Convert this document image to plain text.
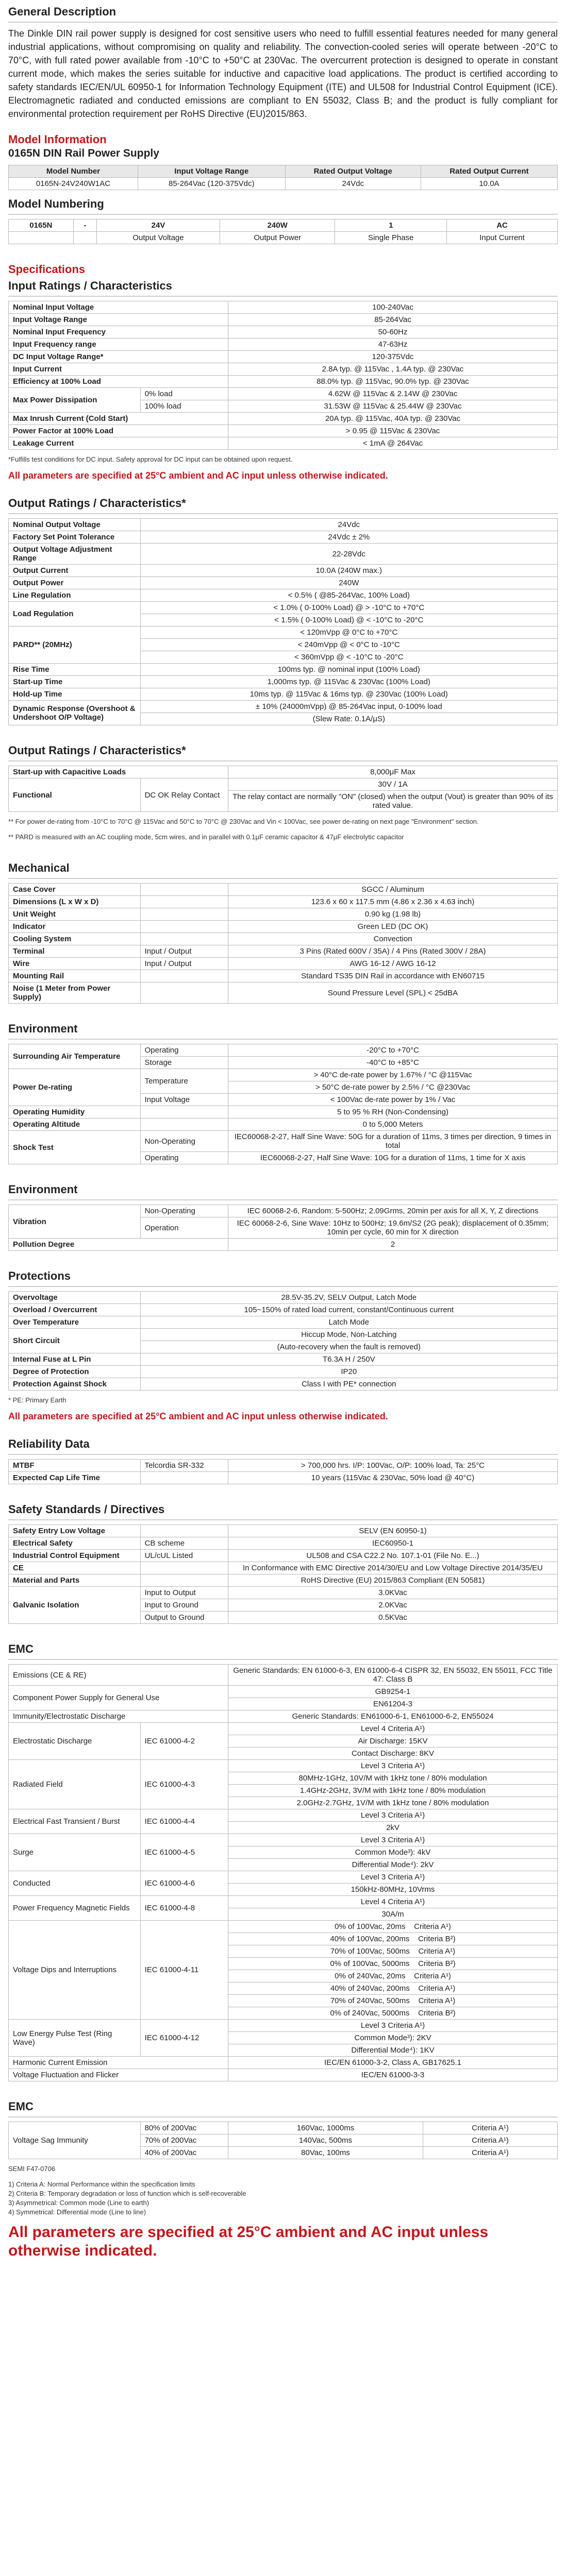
General Description

The Dinkle DIN rail power supply is designed for cost sensitive users who need to fulfill essential features needed for many general industrial applications, without compromising on quality and reliability. The convection-cooled series will operate between -20°C to 70°C, with full rated power available from -10°C to +50°C at 230Vac. The overcurrent protection is designed to operate in constant current mode, which makes the series suitable for inductive and capacitive load applications. The product is certified according to safety standards IEC/EN/UL 60950-1 for Information Technology Equipment (ITE) and UL508 for Industrial Control Equipment (ICE). Electromagnetic radiated and conducted emissions are compliant to EN 55032, Class B; and the product is fully compliant for environmental protection requirement per RoHS Directive (EU)2015/863.

Model Information
0165N DIN Rail Power Supply
Model Number	Input Voltage Range	Rated Output Voltage	Rated Output Current
0165N-24V240W1AC	85-264Vac (120-375Vdc)	24Vdc	10.0A
Model Numbering
0165N	-	24V	240W	1	AC
		Output Voltage	Output Power	Single Phase	Input Current
Specifications
Input Ratings / Characteristics
Nominal Input Voltage		100-240Vac
Input Voltage Range		85-264Vac
Nominal Input Frequency		50-60Hz
Input Frequency range		47-63Hz
DC Input Voltage Range*		120-375Vdc
Input Current		2.8A typ. @ 115Vac , 1.4A typ. @ 230Vac
Efficiency at 100% Load		88.0% typ. @ 115Vac, 90.0% typ. @ 230Vac
Max Power Dissipation	0% load	4.62W @ 115Vac & 2.14W @ 230Vac
	100% load	31.53W @ 115Vac & 25.44W @ 230Vac
Max Inrush Current (Cold Start)		20A typ. @ 115Vac, 40A typ. @ 230Vac
Power Factor at 100% Load		> 0.95 @ 115Vac & 230Vac
Leakage Current		< 1mA @ 264Vac
*Fulfills test conditions for DC input. Safety approval for DC input can be obtained upon request.
All parameters are specified at 25°C ambient and AC input unless otherwise indicated.
Output Ratings / Characteristics*
Nominal Output Voltage	24Vdc
Factory Set Point Tolerance	24Vdc ± 2%
Output Voltage Adjustment Range	22-28Vdc
Output Current	10.0A (240W max.)
Output Power	240W
Line Regulation	< 0.5% ( @85-264Vac, 100% Load)
Load Regulation	< 1.0% ( 0-100% Load) @ > -10°C to +70°C
	< 1.5% ( 0-100% Load) @ < -10°C to -20°C
PARD** (20MHz)	< 120mVpp @ 0°C to +70°C
	< 240mVpp @ < 0°C to -10°C
	< 360mVpp @ < -10°C to -20°C
Rise Time	100ms typ. @ nominal input (100% Load)
Start-up Time	1,000ms typ. @ 115Vac & 230Vac (100% Load)
Hold-up Time	10ms typ. @ 115Vac & 16ms typ. @ 230Vac (100% Load)
Dynamic Response (Overshoot & Undershoot O/P Voltage)	± 10% (24000mVpp) @ 85-264Vac input, 0-100% load
	(Slew Rate: 0.1A/μS)
Output Ratings / Characteristics*
Start-up with Capacitive Loads		8,000μF Max
Functional	DC OK Relay Contact	30V / 1A
		The relay contact are normally "ON" (closed) when the output (Vout) is greater than 90% of its rated value.
** For power de-rating from -10°C to 70°C @ 115Vac and 50°C to 70°C @ 230Vac and Vin < 100Vac, see power de-rating on next page "Environment" section.
** PARD is measured with an AC coupling mode, 5cm wires, and in parallel with 0.1μF ceramic capacitor & 47μF electrolytic capacitor
Mechanical
Case Cover		SGCC / Aluminum
Dimensions (L x W x D)		123.6 x 60 x 117.5 mm (4.86 x 2.36 x 4.63 inch)
Unit Weight		0.90 kg (1.98 lb)
Indicator		Green LED (DC OK)
Cooling System		Convection
Terminal	Input / Output	3 Pins (Rated 600V / 35A) / 4 Pins (Rated 300V / 28A)
Wire	Input / Output	AWG 16-12 / AWG 16-12
Mounting Rail		Standard TS35 DIN Rail in accordance with EN60715
Noise (1 Meter from Power Supply)		Sound Pressure Level (SPL) < 25dBA
Environment
Surrounding Air Temperature	Operating	-20°C to +70°C
	Storage	-40°C to +85°C
Power De-rating	Temperature	> 40°C de-rate power by 1.67% / °C @115Vac
		> 50°C de-rate power by 2.5% / °C @230Vac
	Input Voltage	< 100Vac de-rate power by 1% / Vac
Operating Humidity		5 to 95 % RH (Non-Condensing)
Operating Altitude		0 to 5,000 Meters
Shock Test	Non-Operating	IEC60068-2-27, Half Sine Wave: 50G for a duration of 11ms, 3 times per direction, 9 times in total
	Operating	IEC60068-2-27, Half Sine Wave: 10G for a duration of 11ms, 1 time for X axis
Environment
Vibration	Non-Operating	IEC 60068-2-6, Random: 5-500Hz; 2.09Grms, 20min per axis for all X, Y, Z directions
	Operation	IEC 60068-2-6, Sine Wave: 10Hz to 500Hz; 19.6m/S2 (2G peak); displacement of 0.35mm; 10min per cycle, 60 min for X direction
Pollution Degree		2
Protections
Overvoltage	28.5V-35.2V, SELV Output, Latch Mode
Overload / Overcurrent	105~150% of rated load current, constant/Continuous current
Over Temperature	Latch Mode
Short Circuit	Hiccup Mode, Non-Latching
	(Auto-recovery when the fault is removed)
Internal Fuse at L Pin	T6.3A H / 250V
Degree of Protection	IP20
Protection Against Shock	Class I with PE* connection
* PE: Primary Earth
All parameters are specified at 25°C ambient and AC input unless otherwise indicated.
Reliability Data
MTBF	Telcordia SR-332	> 700,000 hrs. I/P: 100Vac, O/P: 100% load, Ta: 25°C
Expected Cap Life Time		10 years (115Vac & 230Vac, 50% load @ 40°C)
Safety Standards / Directives
Safety Entry Low Voltage		SELV (EN 60950-1)
Electrical Safety	CB scheme	IEC60950-1
Industrial Control Equipment	UL/cUL Listed	UL508 and CSA C22.2 No. 107.1-01 (File No. E...)
CE		In Conformance with EMC Directive 2014/30/EU and Low Voltage Directive 2014/35/EU
Material and Parts		RoHS Directive (EU) 2015/863 Compliant (EN 50581)
Galvanic Isolation	Input to Output	3.0KVac
	Input to Ground	2.0KVac
	Output to Ground	0.5KVac
EMC
Emissions (CE & RE)		Generic Standards: EN 61000-6-3, EN 61000-6-4 CISPR 32, EN 55032, EN 55011, FCC Title 47: Class B
Component Power Supply for General Use		GB9254-1
		EN61204-3
Immunity/Electrostatic Discharge		Generic Standards: EN61000-6-1, EN61000-6-2, EN55024
Electrostatic Discharge	IEC 61000-4-2	Level 4 Criteria A¹)
		Air Discharge: 15KV
		Contact Discharge: 8KV
Radiated Field	IEC 61000-4-3	Level 3 Criteria A¹)
		80MHz-1GHz, 10V/M with 1kHz tone / 80% modulation
		1.4GHz-2GHz, 3V/M with 1kHz tone / 80% modulation
		2.0GHz-2.7GHz, 1V/M with 1kHz tone / 80% modulation
Electrical Fast Transient / Burst	IEC 61000-4-4	Level 3 Criteria A¹)
		2kV
Surge	IEC 61000-4-5	Level 3 Criteria A¹)
		Common Mode³): 4kV
		Differential Mode⁴): 2kV
Conducted	IEC 61000-4-6	Level 3 Criteria A¹)
		150kHz-80MHz, 10Vrms
Power Frequency Magnetic Fields	IEC 61000-4-8	Level 4 Criteria A¹)
		30A/m
Voltage Dips and Interruptions	IEC 61000-4-11	0% of 100Vac, 20ms Criteria A¹)
		40% of 100Vac, 200ms Criteria B²)
		70% of 100Vac, 500ms Criteria A¹)
		0% of 100Vac, 5000ms Criteria B²)
		0% of 240Vac, 20ms Criteria A¹)
		40% of 240Vac, 200ms Criteria A¹)
		70% of 240Vac, 500ms Criteria A¹)
		0% of 240Vac, 5000ms Criteria B²)
Low Energy Pulse Test (Ring Wave)	IEC 61000-4-12	Level 3 Criteria A¹)
		Common Mode³): 2KV
		Differential Mode⁴): 1KV
Harmonic Current Emission		IEC/EN 61000-3-2, Class A, GB17625.1
Voltage Fluctuation and Flicker		IEC/EN 61000-3-3
EMC
Voltage Sag Immunity	80% of 200Vac	160Vac, 1000ms	Criteria A¹)
	70% of 200Vac	140Vac, 500ms	Criteria A¹)
	40% of 200Vac	80Vac, 100ms	Criteria A¹)
SEMI F47-0706
1) Criteria A: Normal Performance within the specification limits
2) Criteria B: Temporary degradation or loss of function which is self-recoverable
3) Asymmetrical: Common mode (Line to earth)
4) Symmetrical: Differential mode (Line to line)
All parameters are specified at 25°C ambient and AC input unless otherwise indicated.
